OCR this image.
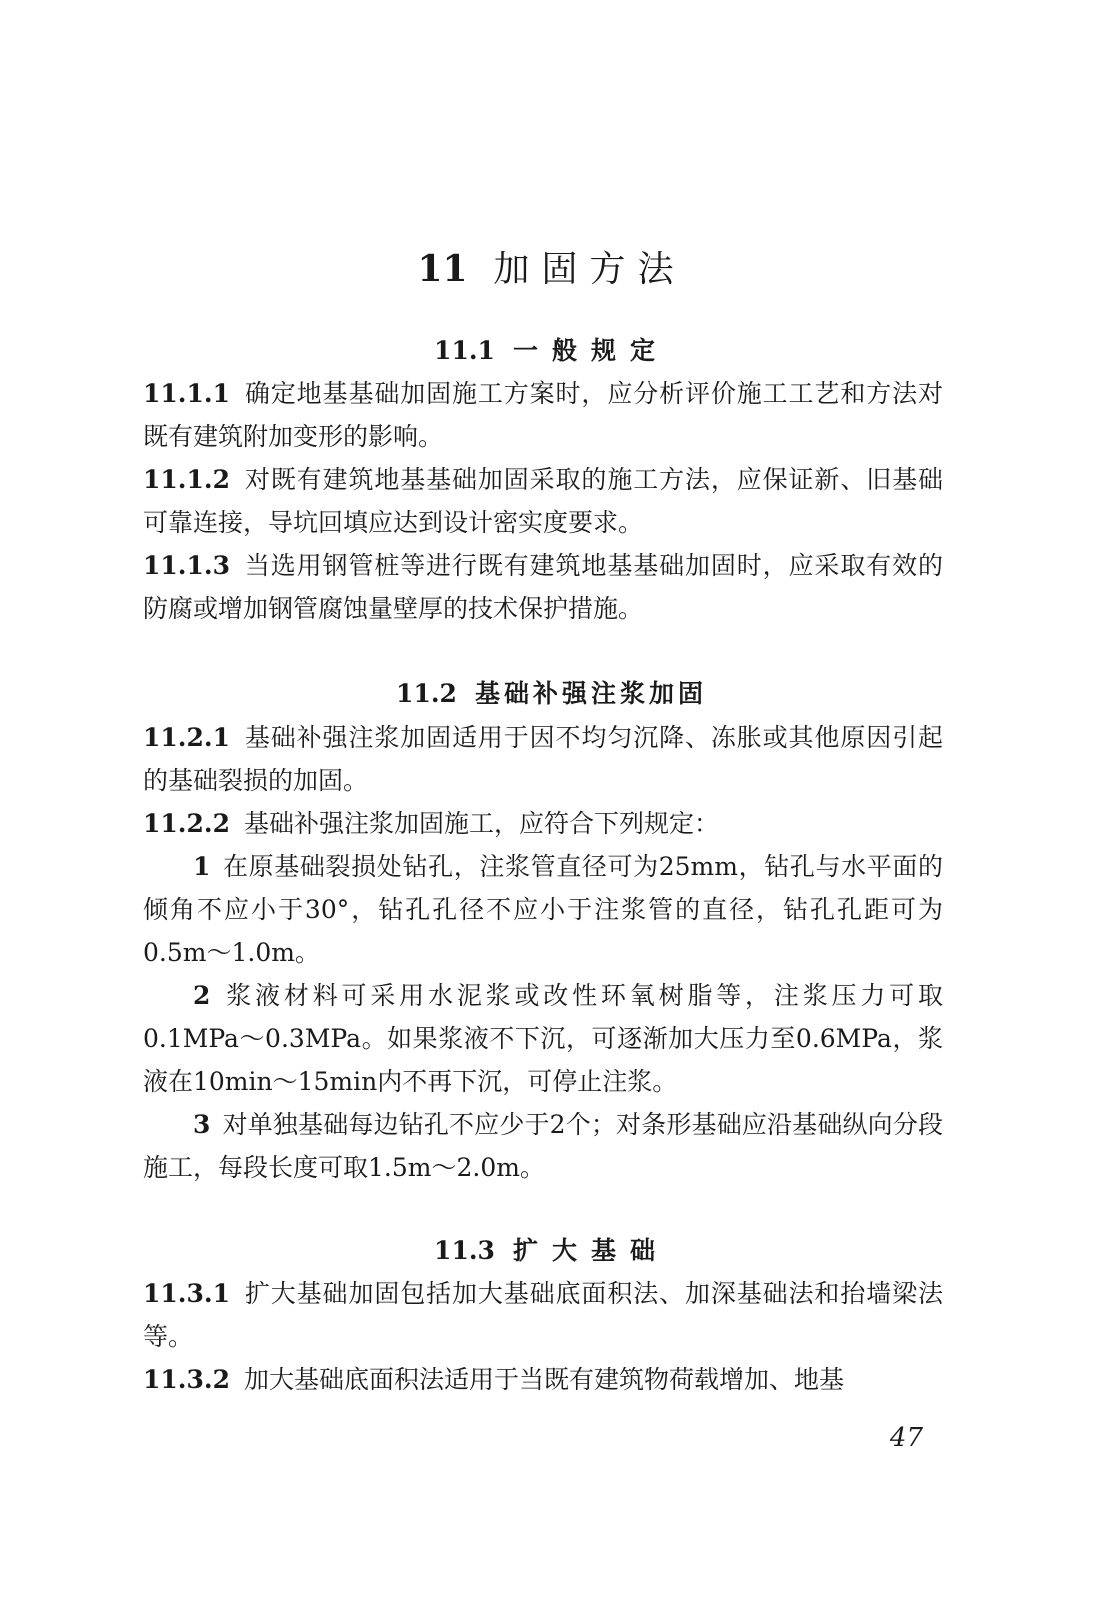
11 加固方法
11.1 一般规定

11.1.1 确定地基基础加固施工方案时，应分析评价施工工艺和方法对既有建筑附加变形的影响。

11.1.2 对既有建筑地基基础加固采取的施工方法，应保证新、旧基础可靠连接，导坑回填应达到设计密实度要求。

11.1.3 当选用钢管桩等进行既有建筑地基基础加固时，应采取有效的防腐或增加钢管腐蚀量壁厚的技术保护措施。

11.2 基础补强注浆加固

11.2.1 基础补强注浆加固适用于因不均匀沉降、冻胀或其他原因引起的基础裂损的加固。

11.2.2 基础补强注浆加固施工，应符合下列规定：

1 在原基础裂损处钻孔，注浆管直径可为25mm，钻孔与水平面的倾角不应小于30°，钻孔孔径不应小于注浆管的直径，钻孔孔距可为0.5m～1.0m。

2 浆液材料可采用水泥浆或改性环氧树脂等，注浆压力可取0.1MPa～0.3MPa。如果浆液不下沉，可逐渐加大压力至0.6MPa，浆液在10min～15min内不再下沉，可停止注浆。

3 对单独基础每边钻孔不应少于2个；对条形基础应沿基础纵向分段施工，每段长度可取1.5m～2.0m。

11.3 扩大基础

11.3.1 扩大基础加固包括加大基础底面积法、加深基础法和抬墙梁法等。

11.3.2 加大基础底面积法适用于当既有建筑物荷载增加、地基

47
